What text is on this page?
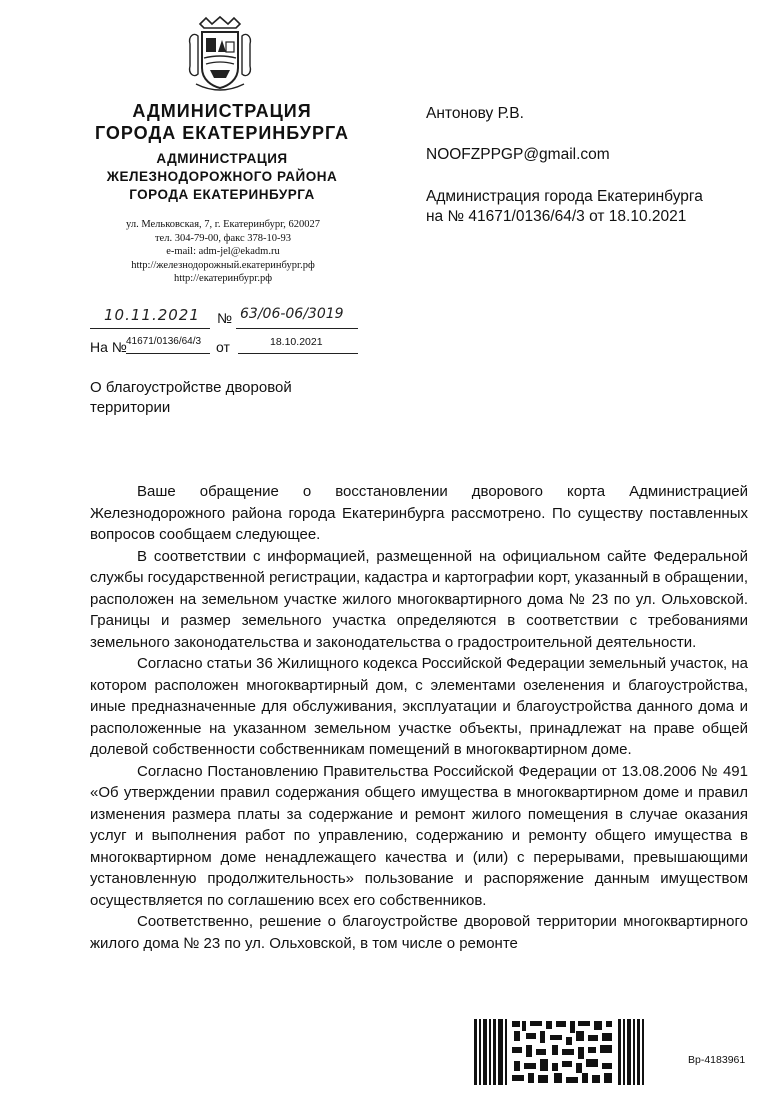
АДМИНИСТРАЦИЯ
ГОРОДА ЕКАТЕРИНБУРГА
АДМИНИСТРАЦИЯ
ЖЕЛЕЗНОДОРОЖНОГО РАЙОНА
ГОРОДА ЕКАТЕРИНБУРГА
ул. Мельковская, 7, г. Екатеринбург, 620027
тел. 304-79-00, факс 378-10-93
e-mail: adm-jel@ekadm.ru
http://железнодорожный.екатеринбург.рф
http://екатеринбург.рф
10.11.2021 № 63/06-06/3019
На № 41671/0136/64/3 от	18.10.2021
Антонову Р.В.
NOOFZPPGP@gmail.com
Администрация города Екатеринбурга
на № 41671/0136/64/3 от 18.10.2021
О благоустройстве дворовой
территории

Ваше обращение о восстановлении дворового корта Администрацией Железнодорожного района города Екатеринбурга рассмотрено. По существу поставленных вопросов сообщаем следующее.

В соответствии с информацией, размещенной на официальном сайте Федеральной службы государственной регистрации, кадастра и картографии корт, указанный в обращении, расположен на земельном участке жилого многоквартирного дома № 23 по ул. Ольховской. Границы и размер земельного участка определяются в соответствии с требованиями земельного законодательства и законодательства о градостроительной деятельности.

Согласно статьи 36 Жилищного кодекса Российской Федерации земельный участок, на котором расположен многоквартирный дом, с элементами озеленения и благоустройства, иные предназначенные для обслуживания, эксплуатации и благоустройства данного дома и расположенные на указанном земельном участке объекты, принадлежат на праве общей долевой собственности собственникам помещений в многоквартирном доме.

Согласно Постановлению Правительства Российской Федерации от 13.08.2006 № 491 «Об утверждении правил содержания общего имущества в многоквартирном доме и правил изменения размера платы за содержание и ремонт жилого помещения в случае оказания услуг и выполнения работ по управлению, содержанию и ремонту общего имущества в многоквартирном доме ненадлежащего качества и (или) с перерывами, превышающими установленную продолжительность» пользование и распоряжение данным имуществом осуществляется по соглашению всех его собственников.

Соответственно, решение о благоустройстве дворовой территории многоквартирного жилого дома № 23 по ул. Ольховской, в том числе о ремонте

Вр-4183961
